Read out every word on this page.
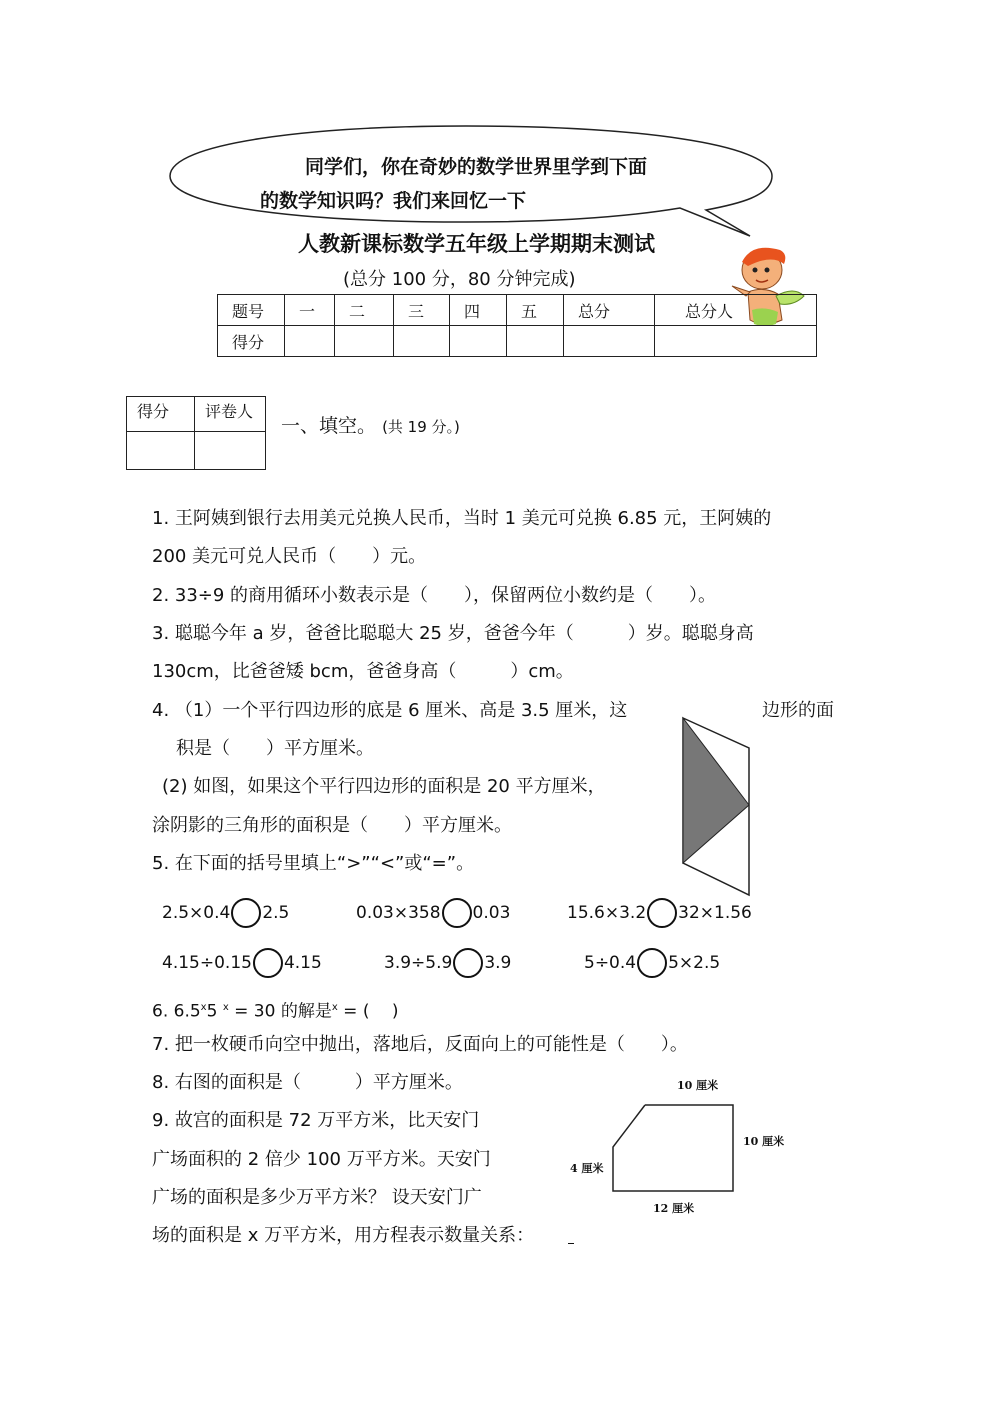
同学们，你在奇妙的数学世界里学到下面
的数学知识吗？我们来回忆一下
人教新课标数学五年级上学期期末测试
(总分 100 分，80 分钟完成)
题号	一	二	三	四	五	总分	总分人
得分							
得分	评卷人

一、填空。 (共 19 分。)
1. 王阿姨到银行去用美元兑换人民币，当时 1 美元可兑换 6.85 元，王阿姨的
200 美元可兑人民币（　　）元。
2. 33÷9 的商用循环小数表示是（　　），保留两位小数约是（　　）。
3. 聪聪今年 a 岁，爸爸比聪聪大 25 岁，爸爸今年（　　　）岁。聪聪身高
130cm，比爸爸矮 bcm，爸爸身高（　　　）cm。
4. （1）一个平行四边形的底是 6 厘米、高是 3.5 厘米，这	边形的面
积是（　　）平方厘米。
(2) 如图，如果这个平行四边形的面积是 20 平方厘米，
涂阴影的三角形的面积是（　　）平方厘米。
5. 在下面的括号里填上“>”“<”或“=”。
2.5×0.4 2.5	0.03×358 0.03	15.6×3.2 32×1.56
4.15÷0.15 4.15	3.9÷5.9 3.9	5÷0.4 5×2.5
6. 6.5$^x$5 $^x$ = 30 的解是$^x$ = (　 )
7. 把一枚硬币向空中抛出，落地后，反面向上的可能性是（　　）。
8. 右图的面积是（　　　）平方厘米。
9. 故宫的面积是 72 万平方米，比天安门
广场面积的 2 倍少 100 万平方米。天安门
广场的面积是多少万平方米？ 设天安门广
场的面积是 x 万平方米，用方程表示数量关系：
10 厘米
10 厘米
4 厘米
12 厘米
